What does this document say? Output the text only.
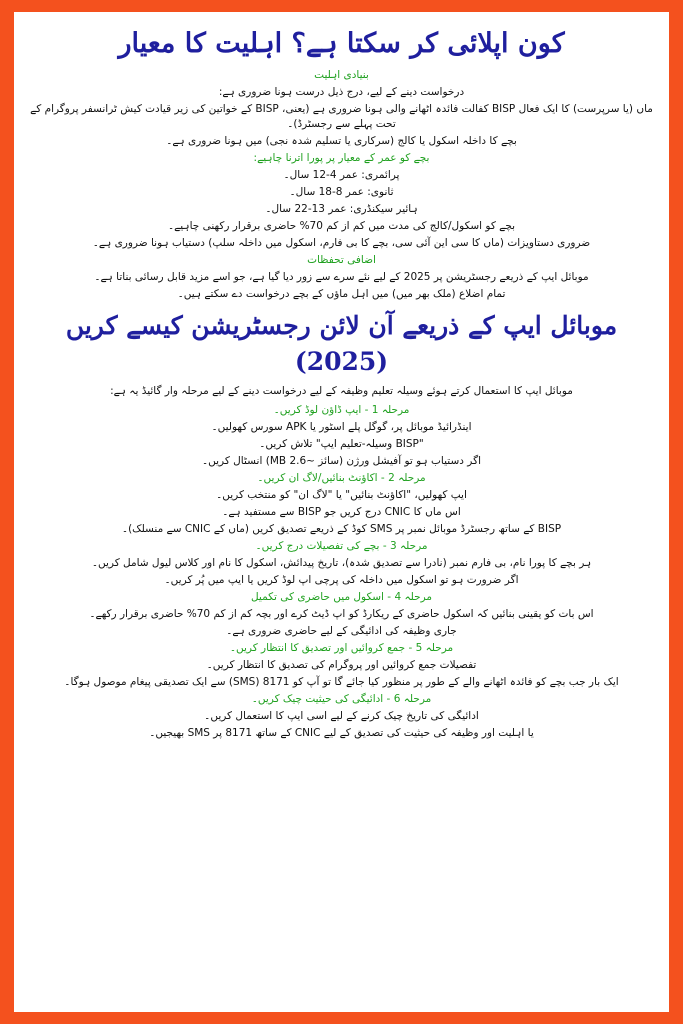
کون اپلائی کر سکتا ہے؟ اہلیت کا معیار
بنیادی اہلیت
درخواست دینے کے لیے، درج ذیل درست ہونا ضروری ہے:
ماں (یا سرپرست) کا ایک فعال BISP کفالت فائدہ اٹھانے والی ہونا ضروری ہے (یعنی، BISP کے خواتین کی زیر قیادت کیش ٹرانسفر پروگرام کے تحت پہلے سے رجسٹرڈ)۔
بچے کا داخلہ اسکول یا کالج (سرکاری یا تسلیم شدہ نجی) میں ہونا ضروری ہے۔
بچے کو عمر کے معیار پر پورا اترنا چاہیے:
پرائمری: عمر 4-12 سال۔
ثانوی: عمر 8-18 سال۔
ہائیر سیکنڈری: عمر 13-22 سال۔
بچے کو اسکول/کالج کی مدت میں کم از کم 70% حاضری برقرار رکھنی چاہیے۔
ضروری دستاویزات (ماں کا سی این آئی سی، بچے کا بی فارم، اسکول میں داخلہ سلپ) دستیاب ہونا ضروری ہے۔
اضافی تحفظات
موبائل ایپ کے ذریعے رجسٹریشن پر 2025 کے لیے نئے سرے سے زور دیا گیا ہے، جو اسے مزید قابل رسائی بناتا ہے۔
تمام اضلاع (ملک بھر میں) میں اہل ماؤں کے بچے درخواست دے سکتے ہیں۔
موبائل ایپ کے ذریعے آن لائن رجسٹریشن کیسے کریں (2025)
موبائل ایپ کا استعمال کرتے ہوئے وسیلہ تعلیم وظیفہ کے لیے درخواست دینے کے لیے مرحلہ وار گائیڈ یہ ہے:
مرحلہ 1 - ایپ ڈاؤن لوڈ کریں۔
اینڈرائیڈ موبائل پر، گوگل پلے اسٹور یا APK سورس کھولیں۔
"BISP وسیلہ-تعلیم ایپ" تلاش کریں۔
اگر دستیاب ہو تو آفیشل ورژن (سائز ~2.6 MB) انسٹال کریں۔
مرحلہ 2 - اکاؤنٹ بنائیں/لاگ ان کریں۔
ایپ کھولیں، "اکاؤنٹ بنائیں" یا "لاگ ان" کو منتخب کریں۔
اس ماں کا CNIC درج کریں جو BISP سے مستفید ہے۔
BISP کے ساتھ رجسٹرڈ موبائل نمبر پر SMS کوڈ کے ذریعے تصدیق کریں (ماں کے CNIC سے منسلک)۔
مرحلہ 3 - بچے کی تفصیلات درج کریں۔
ہر بچے کا پورا نام، بی فارم نمبر (نادرا سے تصدیق شدہ)، تاریخ پیدائش، اسکول کا نام اور کلاس لیول شامل کریں۔
اگر ضرورت ہو تو اسکول میں داخلہ کی پرچی اپ لوڈ کریں یا ایپ میں پُر کریں۔
مرحلہ 4 - اسکول میں حاضری کی تکمیل
اس بات کو یقینی بنائیں کہ اسکول حاضری کے ریکارڈ کو اپ ڈیٹ کرے اور بچہ کم از کم 70% حاضری برقرار رکھے۔
جاری وظیفہ کی ادائیگی کے لیے حاضری ضروری ہے۔
مرحلہ 5 - جمع کروائیں اور تصدیق کا انتظار کریں۔
تفصیلات جمع کروائیں اور پروگرام کی تصدیق کا انتظار کریں۔
ایک بار جب بچے کو فائدہ اٹھانے والے کے طور پر منظور کیا جائے گا تو آپ کو 8171 (SMS) سے ایک تصدیقی پیغام موصول ہوگا۔
مرحلہ 6 - ادائیگی کی حیثیت چیک کریں۔
ادائیگی کی تاریخ چیک کرنے کے لیے اسی ایپ کا استعمال کریں۔
یا اہلیت اور وظیفہ کی حیثیت کی تصدیق کے لیے CNIC کے ساتھ 8171 پر SMS بھیجیں۔
